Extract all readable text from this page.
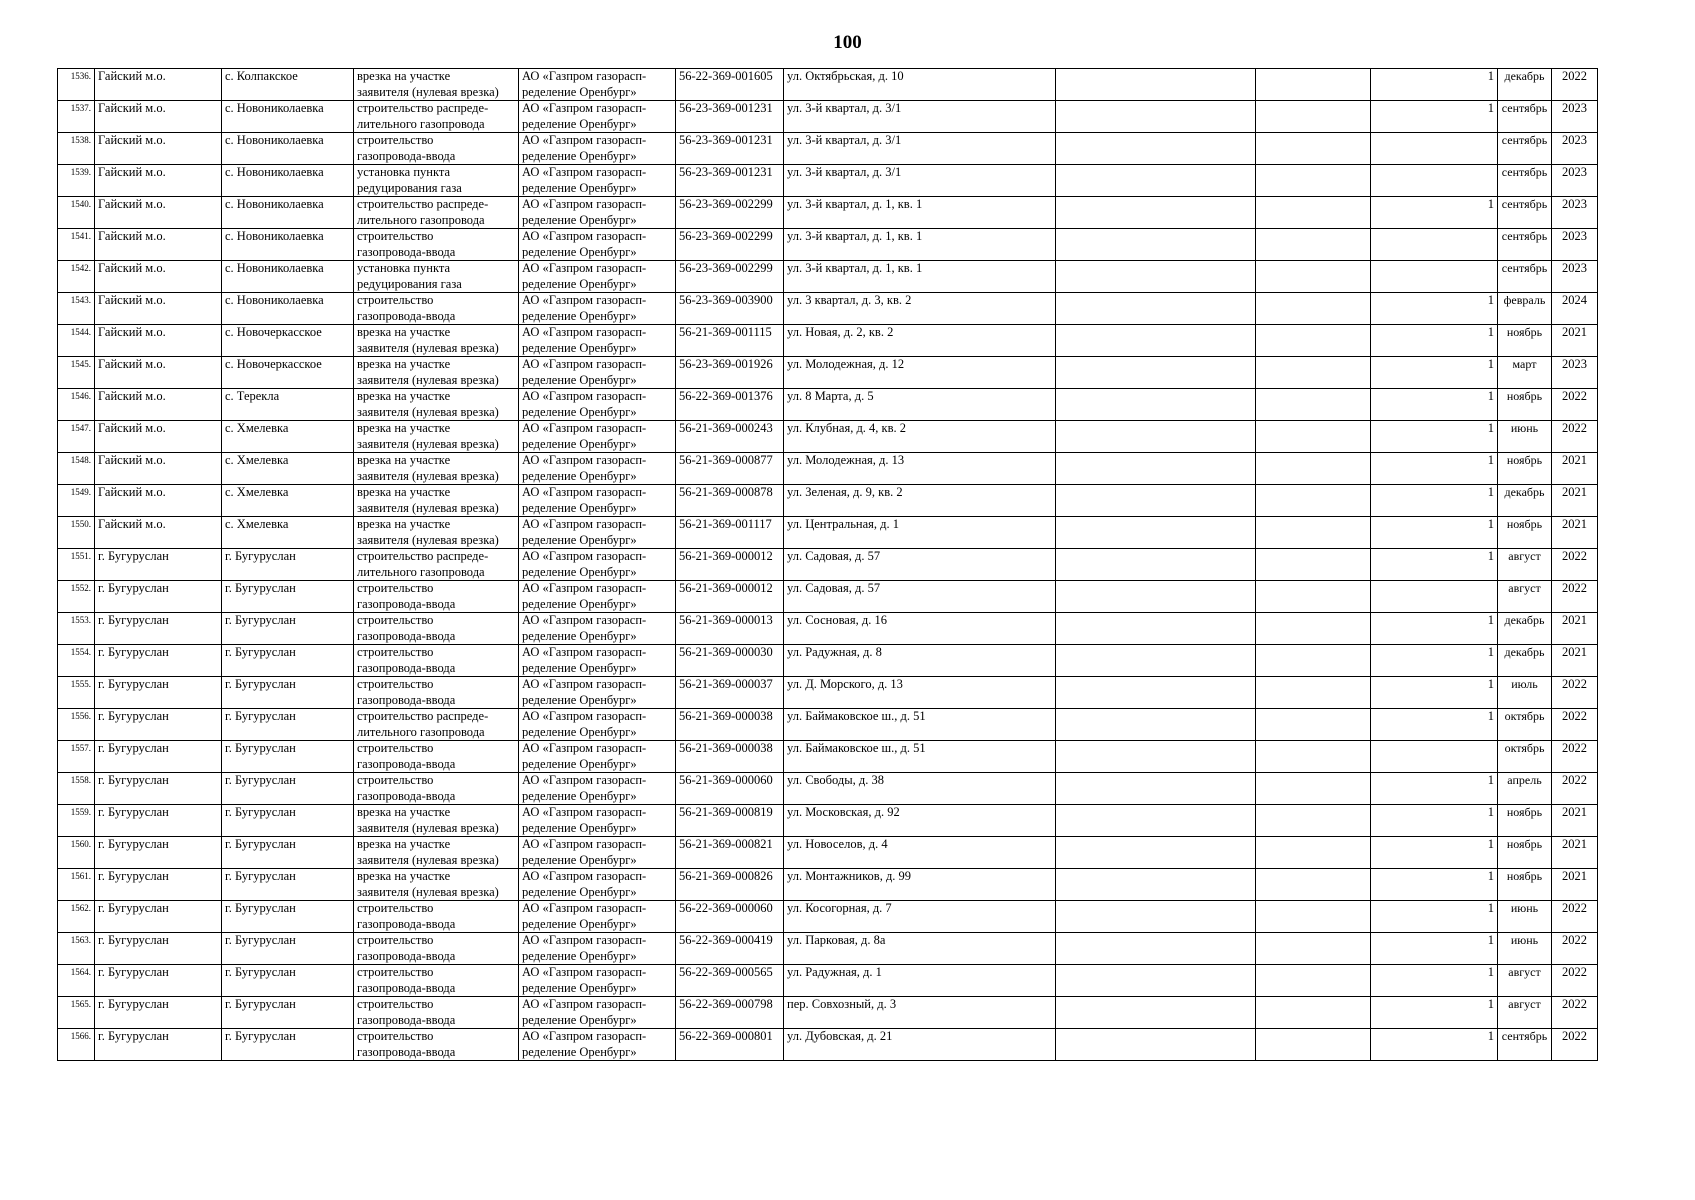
100
1536.	Гайский м.о.	с. Колпакское	врезка на участке
заявителя (нулевая врезка)	АО «Газпром газорасп-
ределение Оренбург»	56-22-369-001605	ул. Октябрьская, д. 10			1	декабрь	2022
1537.	Гайский м.о.	с. Новониколаевка	строительство распреде-
лительного газопровода	АО «Газпром газорасп-
ределение Оренбург»	56-23-369-001231	ул. 3-й квартал, д. 3/1			1	сентябрь	2023
1538.	Гайский м.о.	с. Новониколаевка	строительство
газопровода-ввода	АО «Газпром газорасп-
ределение Оренбург»	56-23-369-001231	ул. 3-й квартал, д. 3/1				сентябрь	2023
1539.	Гайский м.о.	с. Новониколаевка	установка пункта
редуцирования газа	АО «Газпром газорасп-
ределение Оренбург»	56-23-369-001231	ул. 3-й квартал, д. 3/1				сентябрь	2023
1540.	Гайский м.о.	с. Новониколаевка	строительство распреде-
лительного газопровода	АО «Газпром газорасп-
ределение Оренбург»	56-23-369-002299	ул. 3-й квартал, д. 1, кв. 1			1	сентябрь	2023
1541.	Гайский м.о.	с. Новониколаевка	строительство
газопровода-ввода	АО «Газпром газорасп-
ределение Оренбург»	56-23-369-002299	ул. 3-й квартал, д. 1, кв. 1				сентябрь	2023
1542.	Гайский м.о.	с. Новониколаевка	установка пункта
редуцирования газа	АО «Газпром газорасп-
ределение Оренбург»	56-23-369-002299	ул. 3-й квартал, д. 1, кв. 1				сентябрь	2023
1543.	Гайский м.о.	с. Новониколаевка	строительство
газопровода-ввода	АО «Газпром газорасп-
ределение Оренбург»	56-23-369-003900	ул. 3 квартал, д. 3, кв. 2			1	февраль	2024
1544.	Гайский м.о.	с. Новочеркасское	врезка на участке
заявителя (нулевая врезка)	АО «Газпром газорасп-
ределение Оренбург»	56-21-369-001115	ул. Новая, д. 2, кв. 2			1	ноябрь	2021
1545.	Гайский м.о.	с. Новочеркасское	врезка на участке
заявителя (нулевая врезка)	АО «Газпром газорасп-
ределение Оренбург»	56-23-369-001926	ул. Молодежная, д. 12			1	март	2023
1546.	Гайский м.о.	с. Терекла	врезка на участке
заявителя (нулевая врезка)	АО «Газпром газорасп-
ределение Оренбург»	56-22-369-001376	ул. 8 Марта, д. 5			1	ноябрь	2022
1547.	Гайский м.о.	с. Хмелевка	врезка на участке
заявителя (нулевая врезка)	АО «Газпром газорасп-
ределение Оренбург»	56-21-369-000243	ул. Клубная, д. 4, кв. 2			1	июнь	2022
1548.	Гайский м.о.	с. Хмелевка	врезка на участке
заявителя (нулевая врезка)	АО «Газпром газорасп-
ределение Оренбург»	56-21-369-000877	ул. Молодежная, д. 13			1	ноябрь	2021
1549.	Гайский м.о.	с. Хмелевка	врезка на участке
заявителя (нулевая врезка)	АО «Газпром газорасп-
ределение Оренбург»	56-21-369-000878	ул. Зеленая, д. 9, кв. 2			1	декабрь	2021
1550.	Гайский м.о.	с. Хмелевка	врезка на участке
заявителя (нулевая врезка)	АО «Газпром газорасп-
ределение Оренбург»	56-21-369-001117	ул. Центральная, д. 1			1	ноябрь	2021
1551.	г. Бугуруслан	г. Бугуруслан	строительство распреде-
лительного газопровода	АО «Газпром газорасп-
ределение Оренбург»	56-21-369-000012	ул. Садовая, д. 57			1	август	2022
1552.	г. Бугуруслан	г. Бугуруслан	строительство
газопровода-ввода	АО «Газпром газорасп-
ределение Оренбург»	56-21-369-000012	ул. Садовая, д. 57				август	2022
1553.	г. Бугуруслан	г. Бугуруслан	строительство
газопровода-ввода	АО «Газпром газорасп-
ределение Оренбург»	56-21-369-000013	ул. Сосновая, д. 16			1	декабрь	2021
1554.	г. Бугуруслан	г. Бугуруслан	строительство
газопровода-ввода	АО «Газпром газорасп-
ределение Оренбург»	56-21-369-000030	ул. Радужная, д. 8			1	декабрь	2021
1555.	г. Бугуруслан	г. Бугуруслан	строительство
газопровода-ввода	АО «Газпром газорасп-
ределение Оренбург»	56-21-369-000037	ул. Д. Морского, д. 13			1	июль	2022
1556.	г. Бугуруслан	г. Бугуруслан	строительство распреде-
лительного газопровода	АО «Газпром газорасп-
ределение Оренбург»	56-21-369-000038	ул. Баймаковское ш., д. 51			1	октябрь	2022
1557.	г. Бугуруслан	г. Бугуруслан	строительство
газопровода-ввода	АО «Газпром газорасп-
ределение Оренбург»	56-21-369-000038	ул. Баймаковское ш., д. 51				октябрь	2022
1558.	г. Бугуруслан	г. Бугуруслан	строительство
газопровода-ввода	АО «Газпром газорасп-
ределение Оренбург»	56-21-369-000060	ул. Свободы, д. 38			1	апрель	2022
1559.	г. Бугуруслан	г. Бугуруслан	врезка на участке
заявителя (нулевая врезка)	АО «Газпром газорасп-
ределение Оренбург»	56-21-369-000819	ул. Московская, д. 92			1	ноябрь	2021
1560.	г. Бугуруслан	г. Бугуруслан	врезка на участке
заявителя (нулевая врезка)	АО «Газпром газорасп-
ределение Оренбург»	56-21-369-000821	ул. Новоселов, д. 4			1	ноябрь	2021
1561.	г. Бугуруслан	г. Бугуруслан	врезка на участке
заявителя (нулевая врезка)	АО «Газпром газорасп-
ределение Оренбург»	56-21-369-000826	ул. Монтажников, д. 99			1	ноябрь	2021
1562.	г. Бугуруслан	г. Бугуруслан	строительство
газопровода-ввода	АО «Газпром газорасп-
ределение Оренбург»	56-22-369-000060	ул. Косогорная, д. 7			1	июнь	2022
1563.	г. Бугуруслан	г. Бугуруслан	строительство
газопровода-ввода	АО «Газпром газорасп-
ределение Оренбург»	56-22-369-000419	ул. Парковая, д. 8а			1	июнь	2022
1564.	г. Бугуруслан	г. Бугуруслан	строительство
газопровода-ввода	АО «Газпром газорасп-
ределение Оренбург»	56-22-369-000565	ул. Радужная, д. 1			1	август	2022
1565.	г. Бугуруслан	г. Бугуруслан	строительство
газопровода-ввода	АО «Газпром газорасп-
ределение Оренбург»	56-22-369-000798	пер. Совхозный, д. 3			1	август	2022
1566.	г. Бугуруслан	г. Бугуруслан	строительство
газопровода-ввода	АО «Газпром газорасп-
ределение Оренбург»	56-22-369-000801	ул. Дубовская, д. 21			1	сентябрь	2022
